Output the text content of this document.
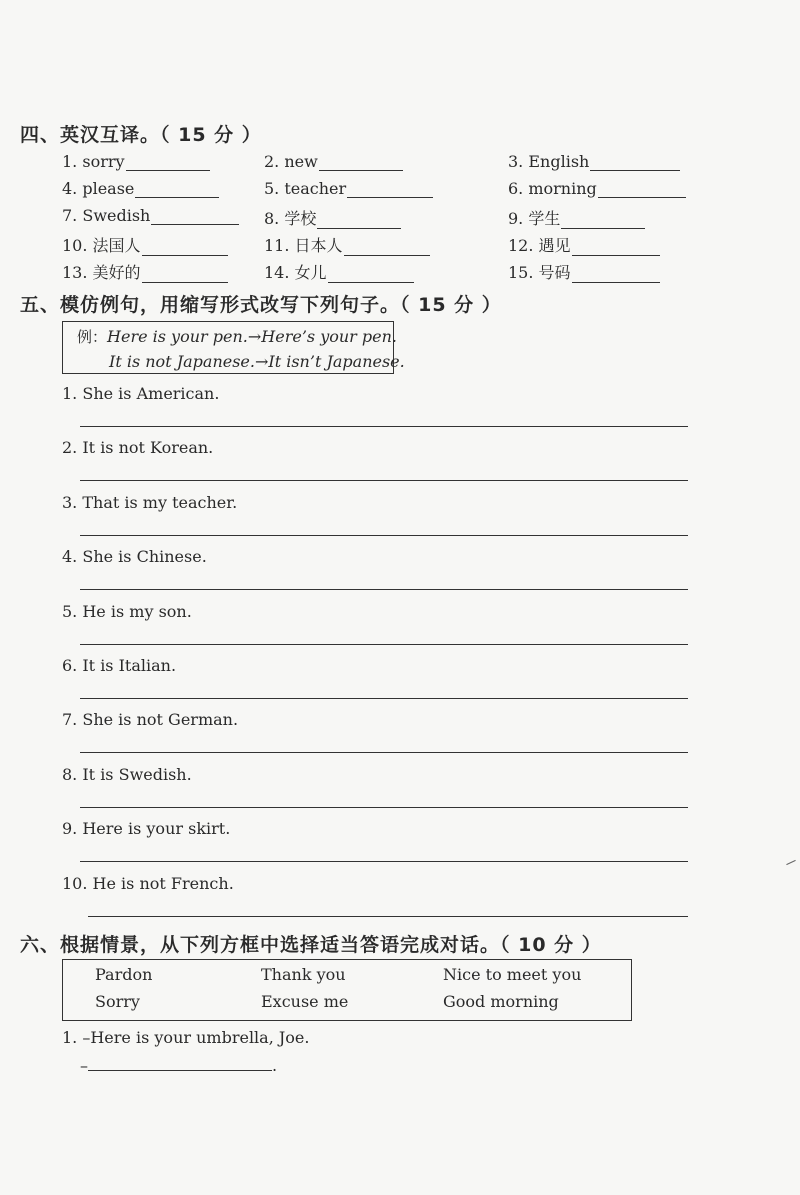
四、英汉互译。（ 15 分 ）
1. sorry	2. new	3. English
4. please	5. teacher	6. morning
7. Swedish	8. 学校	9. 学生
10. 法国人	11. 日本人	12. 遇见
13. 美好的	14. 女儿	15. 号码
五、模仿例句，用缩写形式改写下列句子。（ 15 分 ）
例：Here is your pen.→Here’s your pen.
It is not Japanese.→It isn’t Japanese.
1. She is American.
2. It is not Korean.
3. That is my teacher.
4. She is Chinese.
5. He is my son.
6. It is Italian.
7. She is not German.
8. It is Swedish.
9. Here is your skirt.
10. He is not French.
六、根据情景，从下列方框中选择适当答语完成对话。（ 10 分 ）
Pardon	Thank you	Nice to meet you
Sorry	Excuse me	Good morning
1. –Here is your umbrella, Joe.
–	.
